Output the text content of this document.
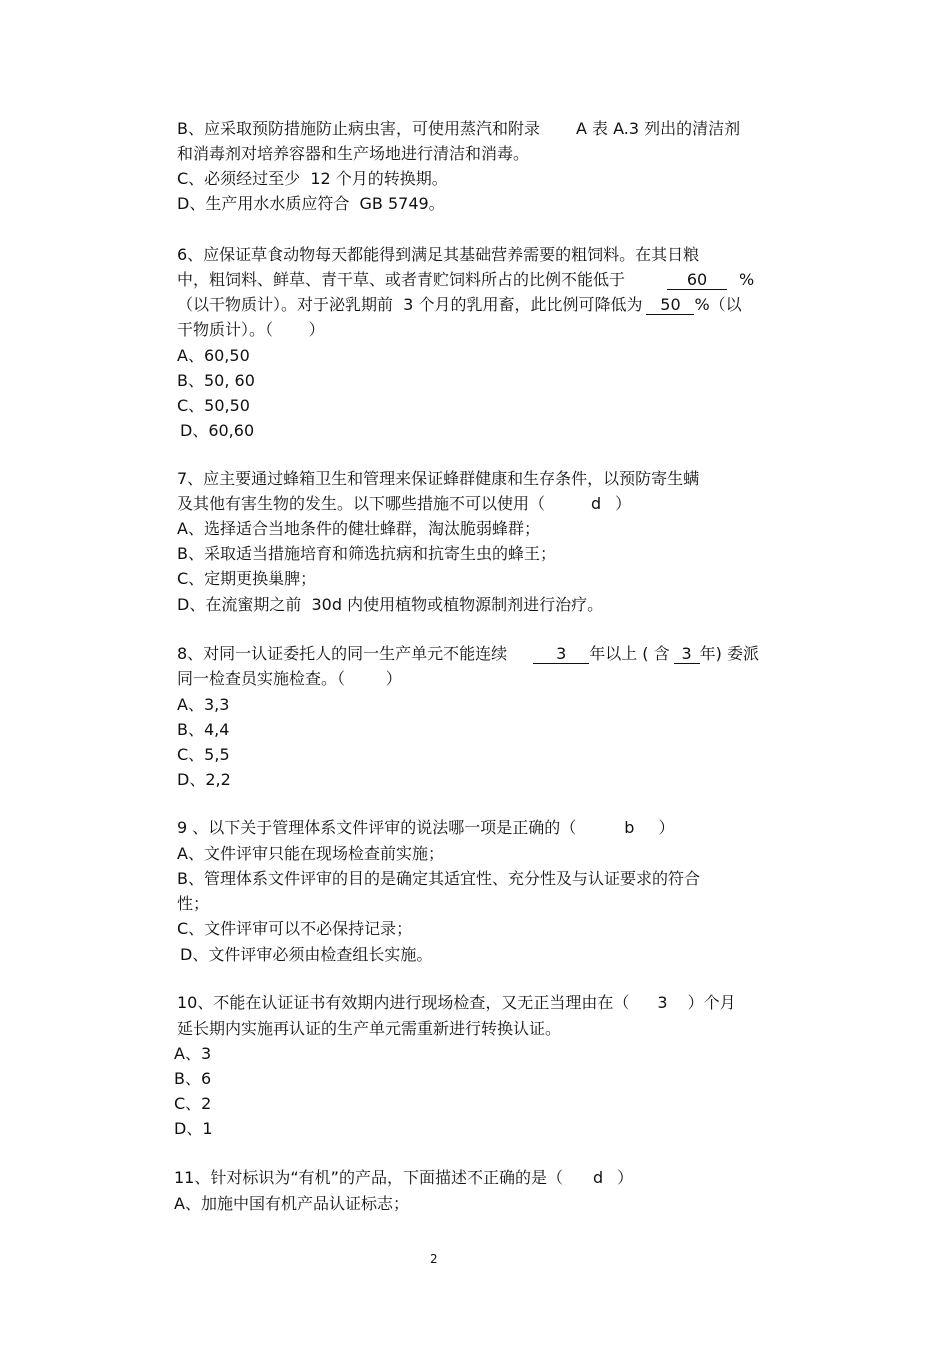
B、应采取预防措施防止病虫害，可使用蒸汽和附录 A 表 A.3 列出的清洁剂
和消毒剂对培养容器和生产场地进行清洁和消毒。
C、必须经过至少  12 个月的转换期。
D、生产用水水质应符合  GB 5749。
6、应保证草食动物每天都能得到满足其基础营养需要的粗饲料。在其日粮
中，粗饲料、鲜草、青干草、或者青贮饲料所占的比例不能低于	60 %
（以干物质计）。对于泌乳期前  3 个月的乳用畜，此比例可降低为 50 %（以
干物质计）。（       ）
A、60,50
B、50, 60
C、50,50
D、60,60
7、应主要通过蜂箱卫生和管理来保证蜂群健康和生存条件，以预防寄生螨
及其他有害生物的发生。以下哪些措施不可以使用（	d ）
A、选择适合当地条件的健壮蜂群，淘汰脆弱蜂群；
B、采取适当措施培育和筛选抗病和抗寄生虫的蜂王；
C、定期更换巢脾；
D、在流蜜期之前  30d 内使用植物或植物源制剂进行治疗。
8、对同一认证委托人的同一生产单元不能连续	3 年以上 ( 含 3 年) 委派
同一检查员实施检查。（        ）
A、3,3
B、4,4
C、5,5
D、2,2
9 、以下关于管理体系文件评审的说法哪一项是正确的（	b ）
A、文件评审只能在现场检查前实施；
B、管理体系文件评审的目的是确定其适宜性、充分性及与认证要求的符合
性；
C、文件评审可以不必保持记录；
D、文件评审必须由检查组长实施。
10、不能在认证证书有效期内进行现场检查，又无正当理由在（ 3 ）个月
延长期内实施再认证的生产单元需重新进行转换认证。
A、3
B、6
C、2
D、1
11、针对标识为“有机”的产品，下面描述不正确的是（ d ）
A、加施中国有机产品认证标志；
2
